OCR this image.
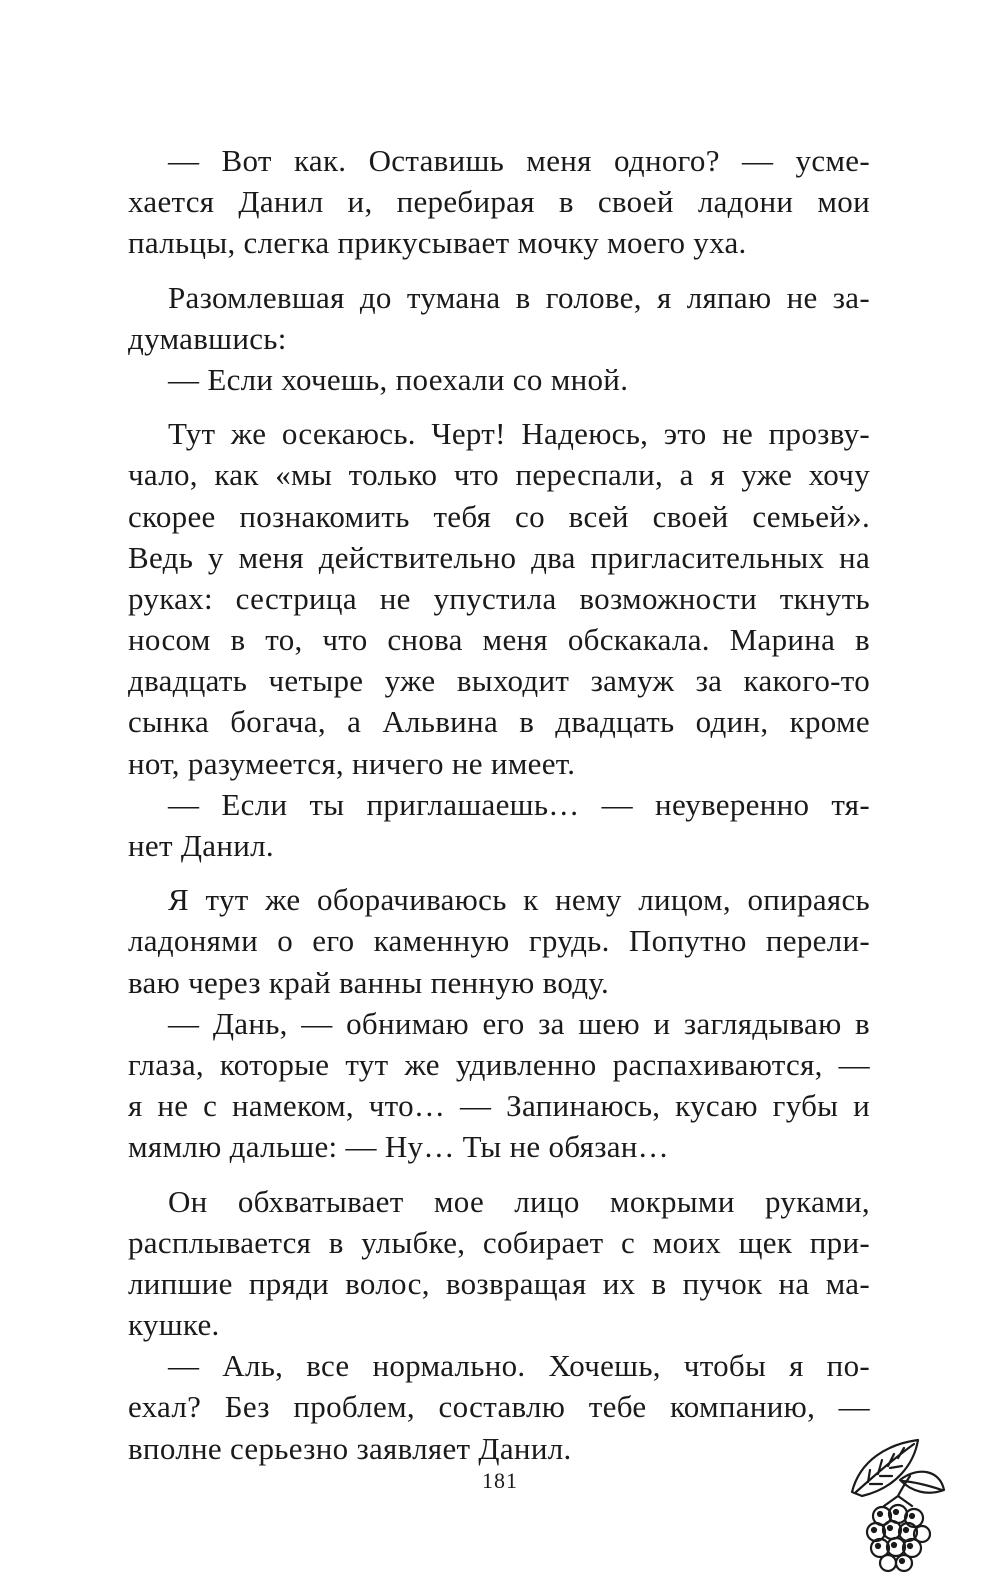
— Вот как. Оставишь меня одного? — усме-
хается Данил и, перебирая в своей ладони мои
пальцы, слегка прикусывает мочку моего уха.
Разомлевшая до тумана в голове, я ляпаю не за-
думавшись:
— Если хочешь, поехали со мной.
Тут же осекаюсь. Черт! Надеюсь, это не прозву-
чало, как «мы только что переспали, а я уже хочу
скорее познакомить тебя со всей своей семьей».
Ведь у меня действительно два пригласительных на
руках: сестрица не упустила возможности ткнуть
носом в то, что снова меня обскакала. Марина в
двадцать четыре уже выходит замуж за какого-то
сынка богача, а Альвина в двадцать один, кроме
нот, разумеется, ничего не имеет.
— Если ты приглашаешь… — неуверенно тя-
нет Данил.
Я тут же оборачиваюсь к нему лицом, опираясь
ладонями о его каменную грудь. Попутно перели-
ваю через край ванны пенную воду.
— Дань, — обнимаю его за шею и заглядываю в
глаза, которые тут же удивленно распахиваются, —
я не с намеком, что… — Запинаюсь, кусаю губы и
мямлю дальше: — Ну… Ты не обязан…
Он обхватывает мое лицо мокрыми руками,
расплывается в улыбке, собирает с моих щек при-
липшие пряди волос, возвращая их в пучок на ма-
кушке.
— Аль, все нормально. Хочешь, чтобы я по-
ехал? Без проблем, составлю тебе компанию, —
вполне серьезно заявляет Данил.
181
